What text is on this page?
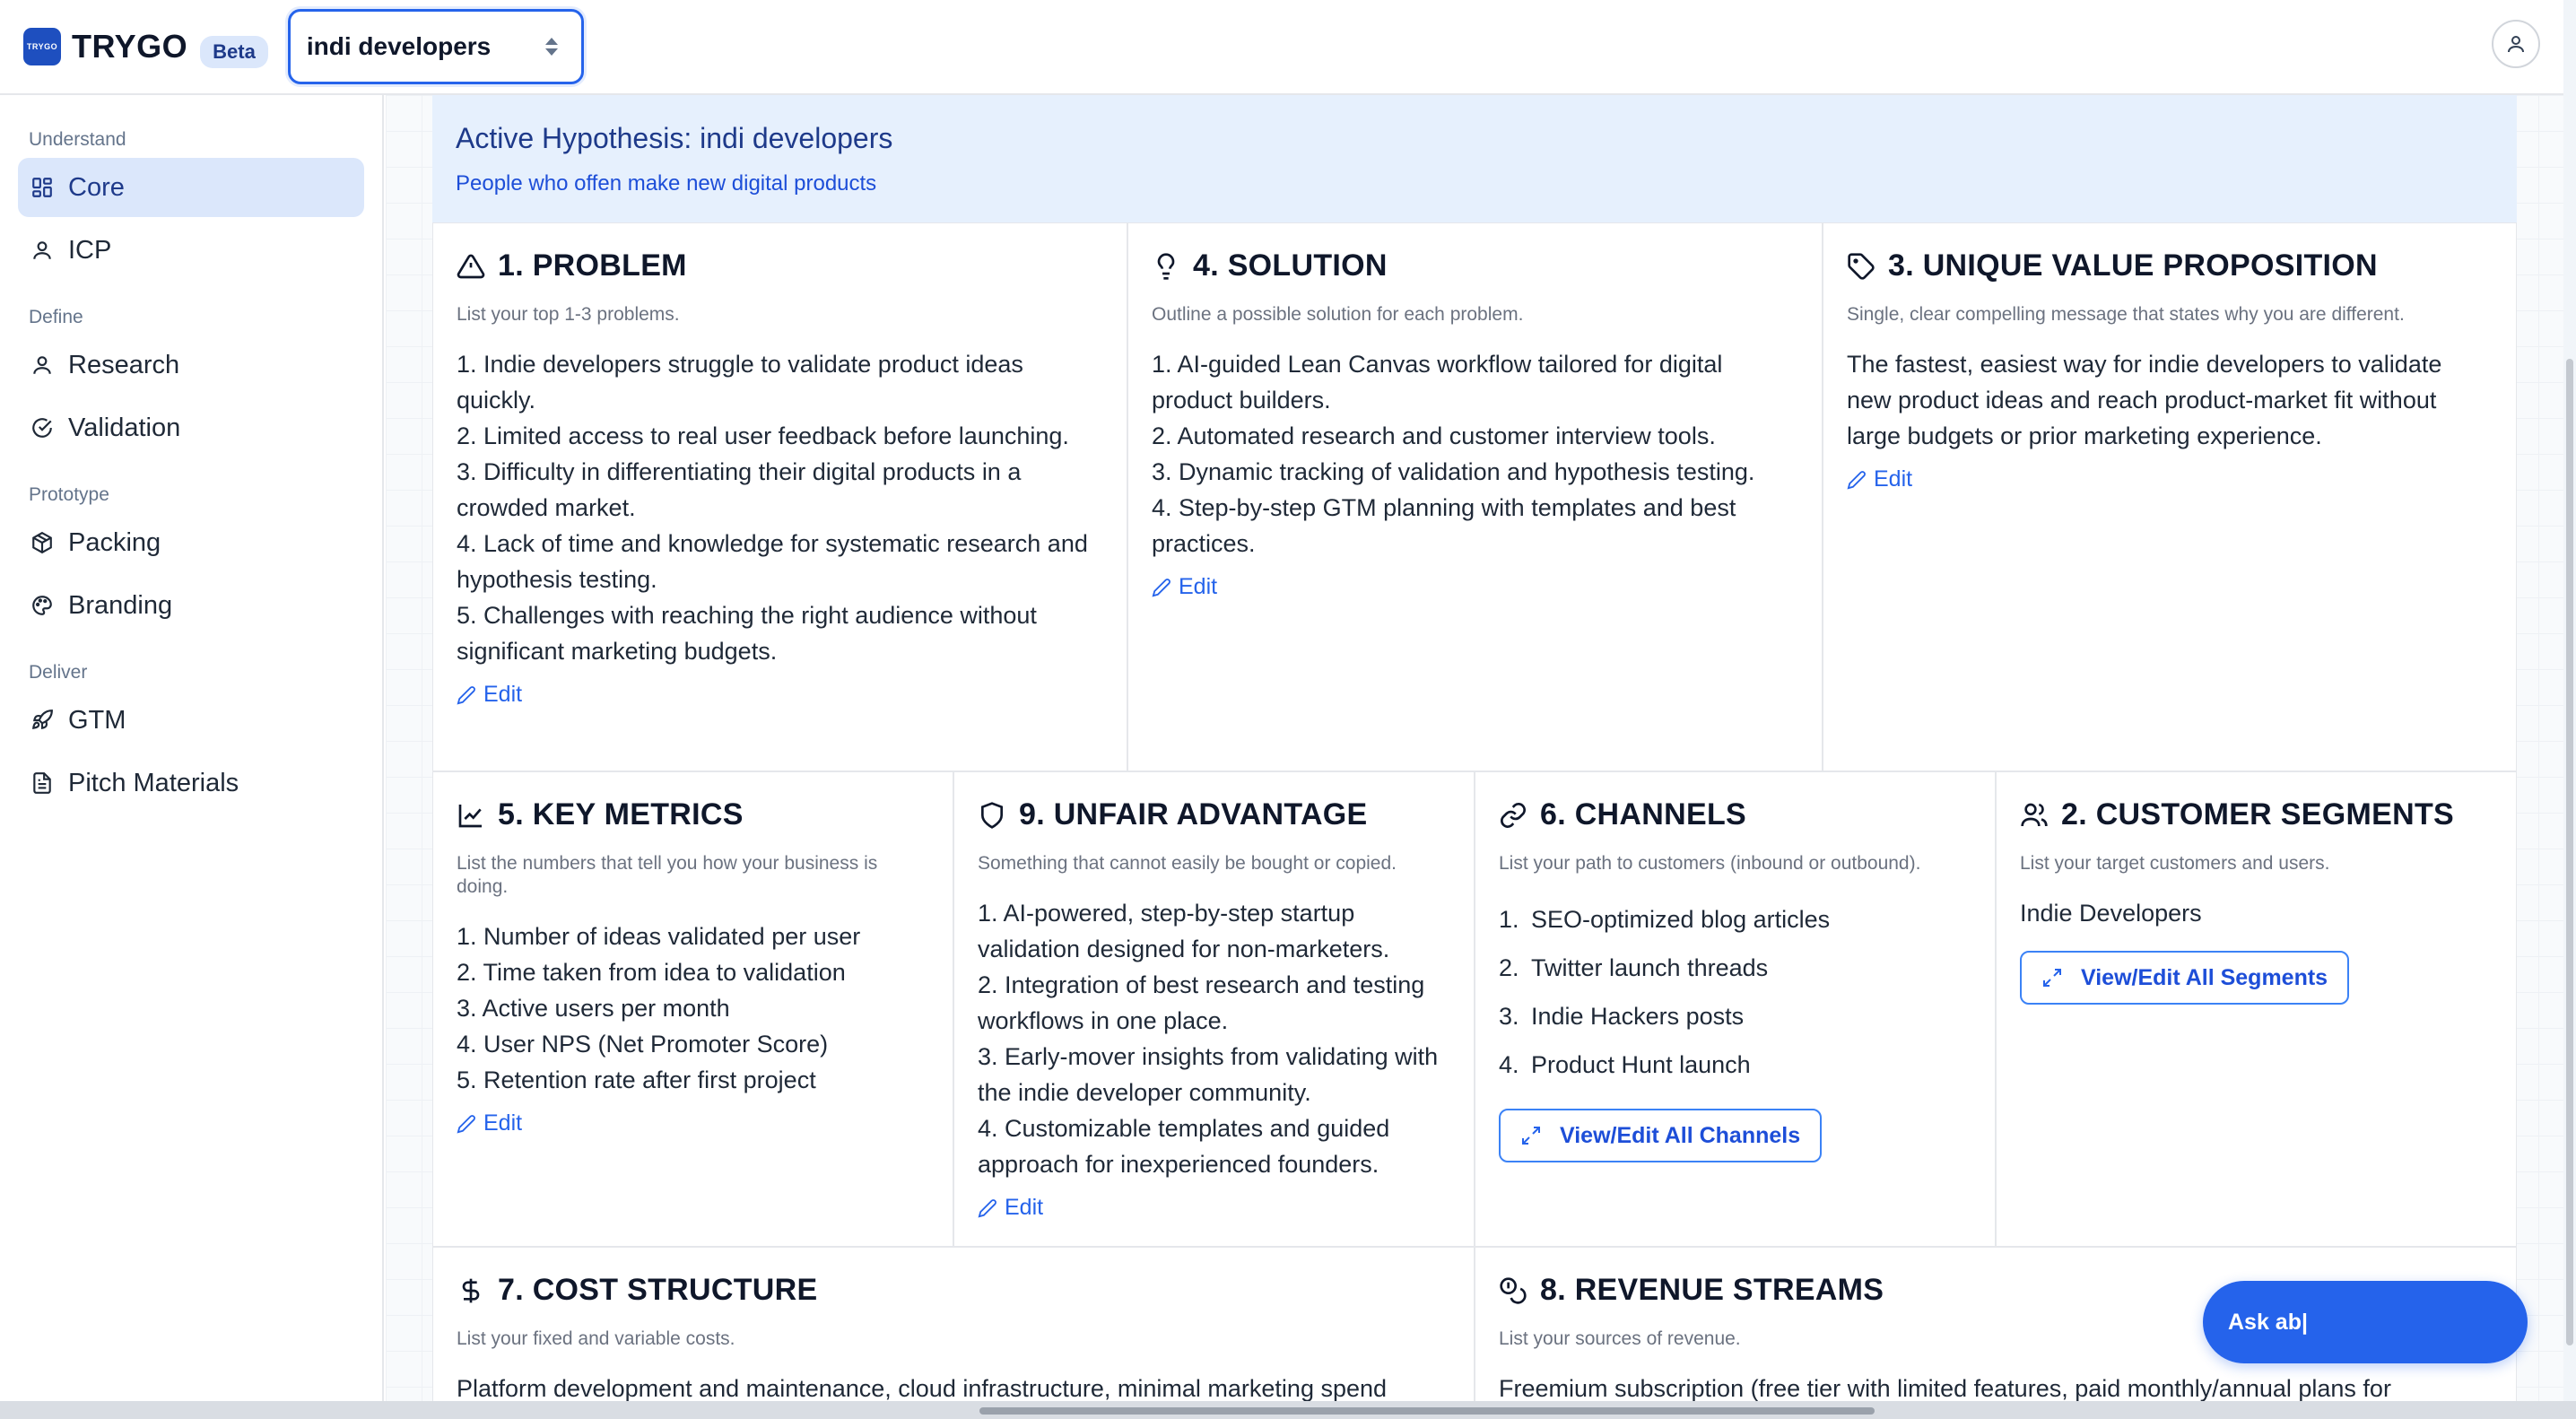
TRYGO TRYGO	Beta	indi developers
Understand
Core
ICP
Define
Research
Validation
Prototype
Packing
Branding
Deliver
GTM
Pitch Materials
Active Hypothesis: indi developers
People who offen make new digital products
1. PROBLEM
List your top 1-3 problems.
1. Indie developers struggle to validate product ideas quickly.
2. Limited access to real user feedback before launching.
3. Difficulty in differentiating their digital products in a crowded market.
4. Lack of time and knowledge for systematic research and hypothesis testing.
5. Challenges with reaching the right audience without significant marketing budgets.
Edit
4. SOLUTION
Outline a possible solution for each problem.
1. AI-guided Lean Canvas workflow tailored for digital product builders.
2. Automated research and customer interview tools.
3. Dynamic tracking of validation and hypothesis testing.
4. Step-by-step GTM planning with templates and best practices.
Edit
3. UNIQUE VALUE PROPOSITION
Single, clear compelling message that states why you are different.
The fastest, easiest way for indie developers to validate new product ideas and reach product-market fit without large budgets or prior marketing experience.
Edit
5. KEY METRICS
List the numbers that tell you how your business is doing.
1. Number of ideas validated per user
2. Time taken from idea to validation
3. Active users per month
4. User NPS (Net Promoter Score)
5. Retention rate after first project
Edit
9. UNFAIR ADVANTAGE
Something that cannot easily be bought or copied.
1. AI-powered, step-by-step startup validation designed for non-marketers.
2. Integration of best research and testing workflows in one place.
3. Early-mover insights from validating with the indie developer community.
4. Customizable templates and guided approach for inexperienced founders.
Edit
6. CHANNELS
List your path to customers (inbound or outbound).
1. SEO-optimized blog articles
2. Twitter launch threads
3. Indie Hackers posts
4. Product Hunt launch
View/Edit All Channels
2. CUSTOMER SEGMENTS
List your target customers and users.
Indie Developers
View/Edit All Segments
7. COST STRUCTURE
List your fixed and variable costs.
Platform development and maintenance, cloud infrastructure, minimal marketing spend
8. REVENUE STREAMS
List your sources of revenue.
Freemium subscription (free tier with limited features, paid monthly/annual plans for
Ask ab|
